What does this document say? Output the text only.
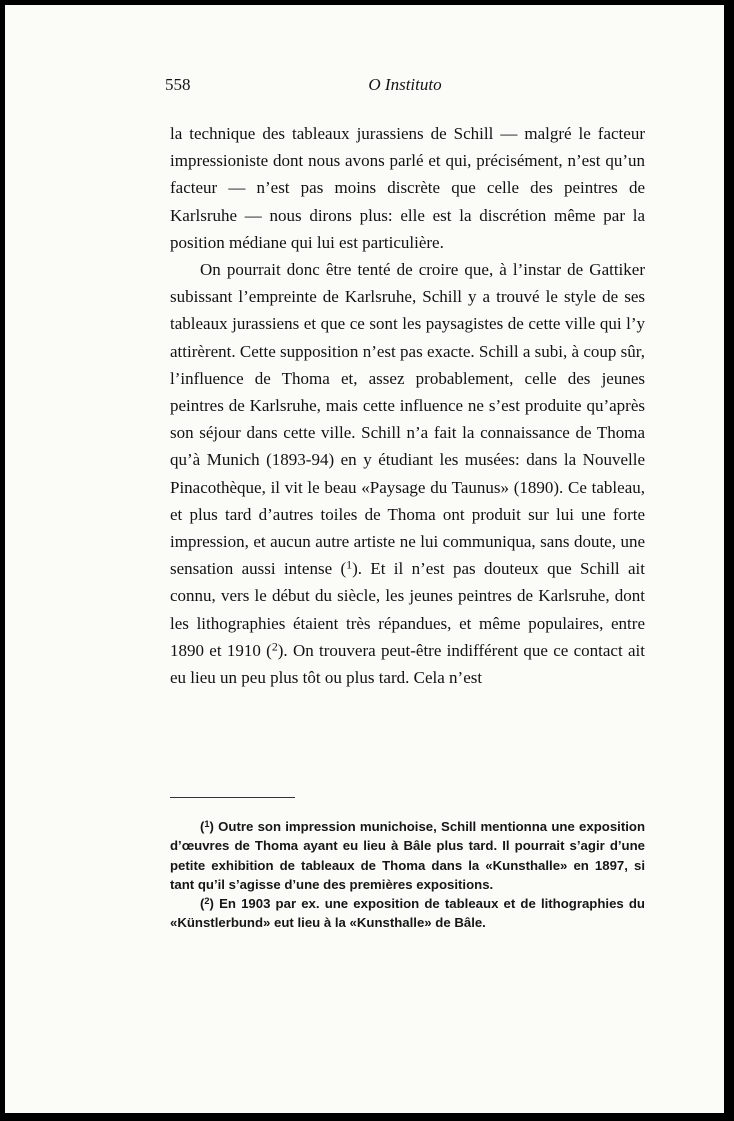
558	O Instituto

la technique des tableaux jurassiens de Schill — malgré le facteur impressioniste dont nous avons parlé et qui, précisément, n’est qu’un facteur — n’est pas moins discrète que celle des peintres de Karlsruhe — nous dirons plus: elle est la discrétion même par la position médiane qui lui est particulière.

On pourrait donc être tenté de croire que, à l’instar de Gattiker subissant l’empreinte de Karlsruhe, Schill y a trouvé le style de ses tableaux jurassiens et que ce sont les paysagistes de cette ville qui l’y attirèrent. Cette supposition n’est pas exacte. Schill a subi, à coup sûr, l’influence de Thoma et, assez probablement, celle des jeunes peintres de Karlsruhe, mais cette influence ne s’est produite qu’après son séjour dans cette ville. Schill n’a fait la connaissance de Thoma qu’à Munich (1893-94) en y étudiant les musées: dans la Nouvelle Pinacothèque, il vit le beau «Paysage du Taunus» (1890). Ce tableau, et plus tard d’autres toiles de Thoma ont produit sur lui une forte impression, et aucun autre artiste ne lui communiqua, sans doute, une sensation aussi intense ($^1$). Et il n’est pas douteux que Schill ait connu, vers le début du siècle, les jeunes peintres de Karlsruhe, dont les lithographies étaient très répandues, et même populaires, entre 1890 et 1910 ($^2$). On trouvera peut-être indifférent que ce contact ait eu lieu un peu plus tôt ou plus tard. Cela n’est

($^1$) Outre son impression munichoise, Schill mentionna une exposition d’œuvres de Thoma ayant eu lieu à Bâle plus tard. Il pourrait s’agir d’une petite exhibition de tableaux de Thoma dans la «Kunsthalle» en 1897, si tant qu’il s’agisse d’une des premières expositions.

($^2$) En 1903 par ex. une exposition de tableaux et de lithographies du «Künstlerbund» eut lieu à la «Kunsthalle» de Bâle.
